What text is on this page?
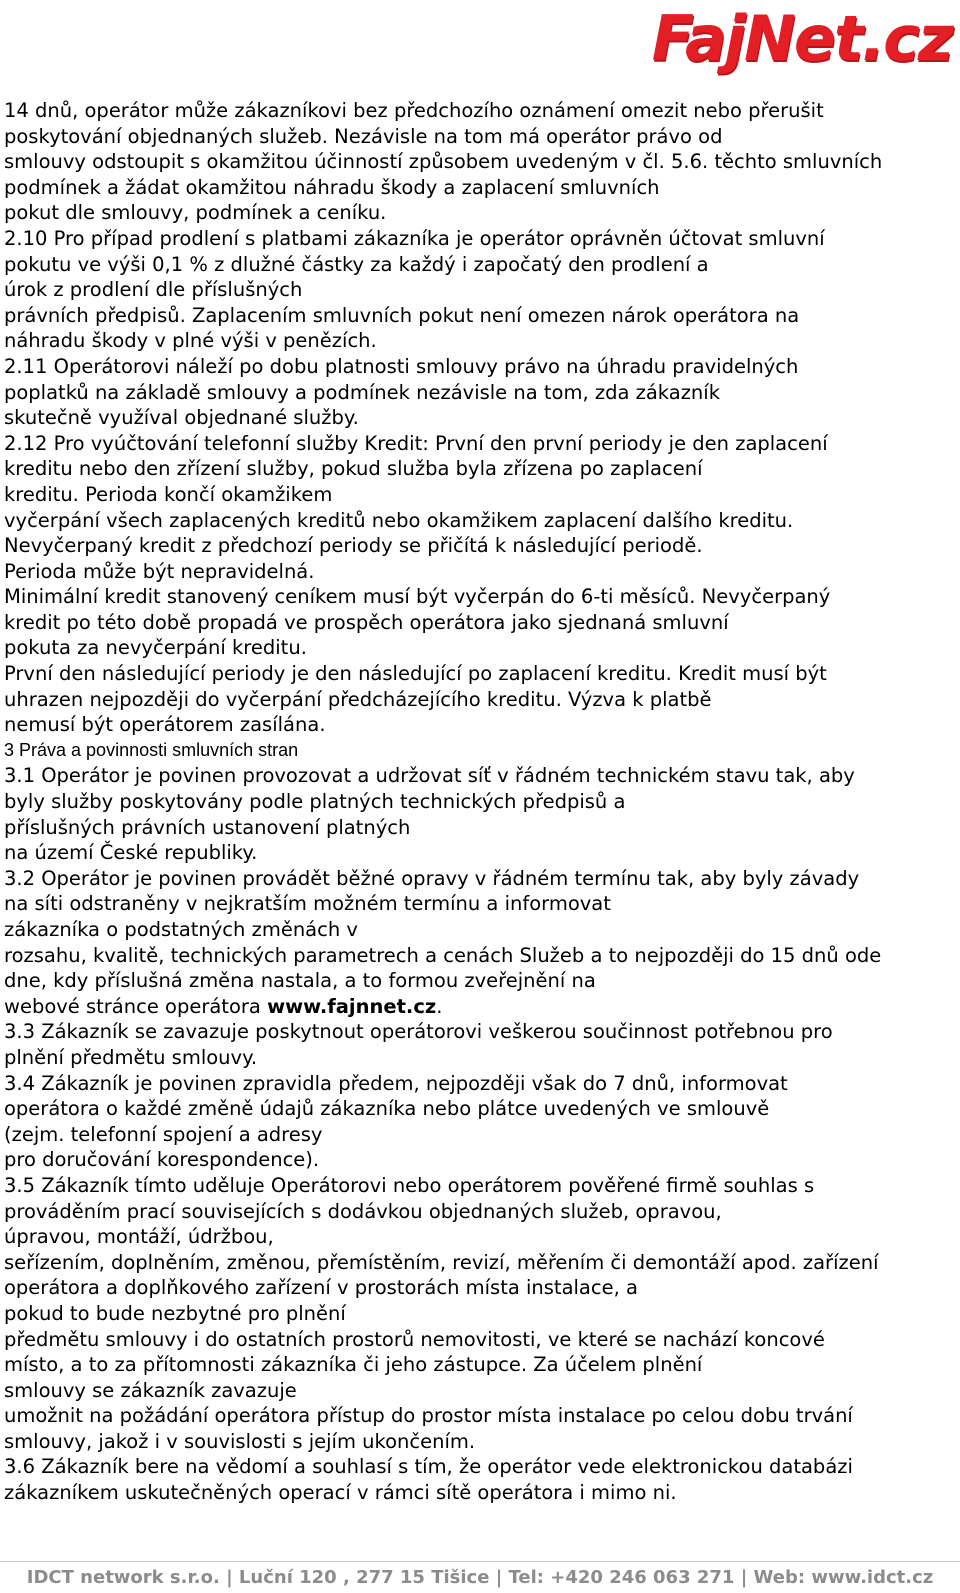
FajNet.cz
14 dnů, operátor může zákazníkovi bez předchozího oznámení omezit nebo přerušit
poskytování objednaných služeb. Nezávisle na tom má operátor právo od
smlouvy odstoupit s okamžitou účinností způsobem uvedeným v čl. 5.6. těchto smluvních
podmínek a žádat okamžitou náhradu škody a zaplacení smluvních
pokut dle smlouvy, podmínek a ceníku.
2.10 Pro případ prodlení s platbami zákazníka je operátor oprávněn účtovat smluvní
pokutu ve výši 0,1 % z dlužné částky za každý i započatý den prodlení a
úrok z prodlení dle příslušných
právních předpisů. Zaplacením smluvních pokut není omezen nárok operátora na
náhradu škody v plné výši v penězích.
2.11 Operátorovi náleží po dobu platnosti smlouvy právo na úhradu pravidelných
poplatků na základě smlouvy a podmínek nezávisle na tom, zda zákazník
skutečně využíval objednané služby.
2.12 Pro vyúčtování telefonní služby Kredit: První den první periody je den zaplacení
kreditu nebo den zřízení služby, pokud služba byla zřízena po zaplacení
kreditu. Perioda končí okamžikem
vyčerpání všech zaplacených kreditů nebo okamžikem zaplacení dalšího kreditu.
Nevyčerpaný kredit z předchozí periody se přičítá k následující periodě.
Perioda může být nepravidelná.
Minimální kredit stanovený ceníkem musí být vyčerpán do 6-ti měsíců. Nevyčerpaný
kredit po této době propadá ve prospěch operátora jako sjednaná smluvní
pokuta za nevyčerpání kreditu.
První den následující periody je den následující po zaplacení kreditu. Kredit musí být
uhrazen nejpozději do vyčerpání předcházejícího kreditu. Výzva k platbě
nemusí být operátorem zasílána.
3 Práva a povinnosti smluvních stran
3.1 Operátor je povinen provozovat a udržovat síť v řádném technickém stavu tak, aby
byly služby poskytovány podle platných technických předpisů a
příslušných právních ustanovení platných
na území České republiky.
3.2 Operátor je povinen provádět běžné opravy v řádném termínu tak, aby byly závady
na síti odstraněny v nejkratším možném termínu a informovat
zákazníka o podstatných změnách v
rozsahu, kvalitě, technických parametrech a cenách Služeb a to nejpozději do 15 dnů ode
dne, kdy příslušná změna nastala, a to formou zveřejnění na
webové stránce operátora www.fajnnet.cz.
3.3 Zákazník se zavazuje poskytnout operátorovi veškerou součinnost potřebnou pro
plnění předmětu smlouvy.
3.4 Zákazník je povinen zpravidla předem, nejpozději však do 7 dnů, informovat
operátora o každé změně údajů zákazníka nebo plátce uvedených ve smlouvě
(zejm. telefonní spojení a adresy
pro doručování korespondence).
3.5 Zákazník tímto uděluje Operátorovi nebo operátorem pověřené firmě souhlas s
prováděním prací souvisejících s dodávkou objednaných služeb, opravou,
úpravou, montáží, údržbou,
seřízením, doplněním, změnou, přemístěním, revizí, měřením či demontáží apod. zařízení
operátora a doplňkového zařízení v prostorách místa instalace, a
pokud to bude nezbytné pro plnění
předmětu smlouvy i do ostatních prostorů nemovitosti, ve které se nachází koncové
místo, a to za přítomnosti zákazníka či jeho zástupce. Za účelem plnění
smlouvy se zákazník zavazuje
umožnit na požádání operátora přístup do prostor místa instalace po celou dobu trvání
smlouvy, jakož i v souvislosti s jejím ukončením.
3.6 Zákazník bere na vědomí a souhlasí s tím, že operátor vede elektronickou databázi
zákazníkem uskutečněných operací v rámci sítě operátora i mimo ni.
IDCT network s.r.o. | Luční 120 , 277 15 Tišice | Tel: +420 246 063 271 | Web: www.idct.cz
